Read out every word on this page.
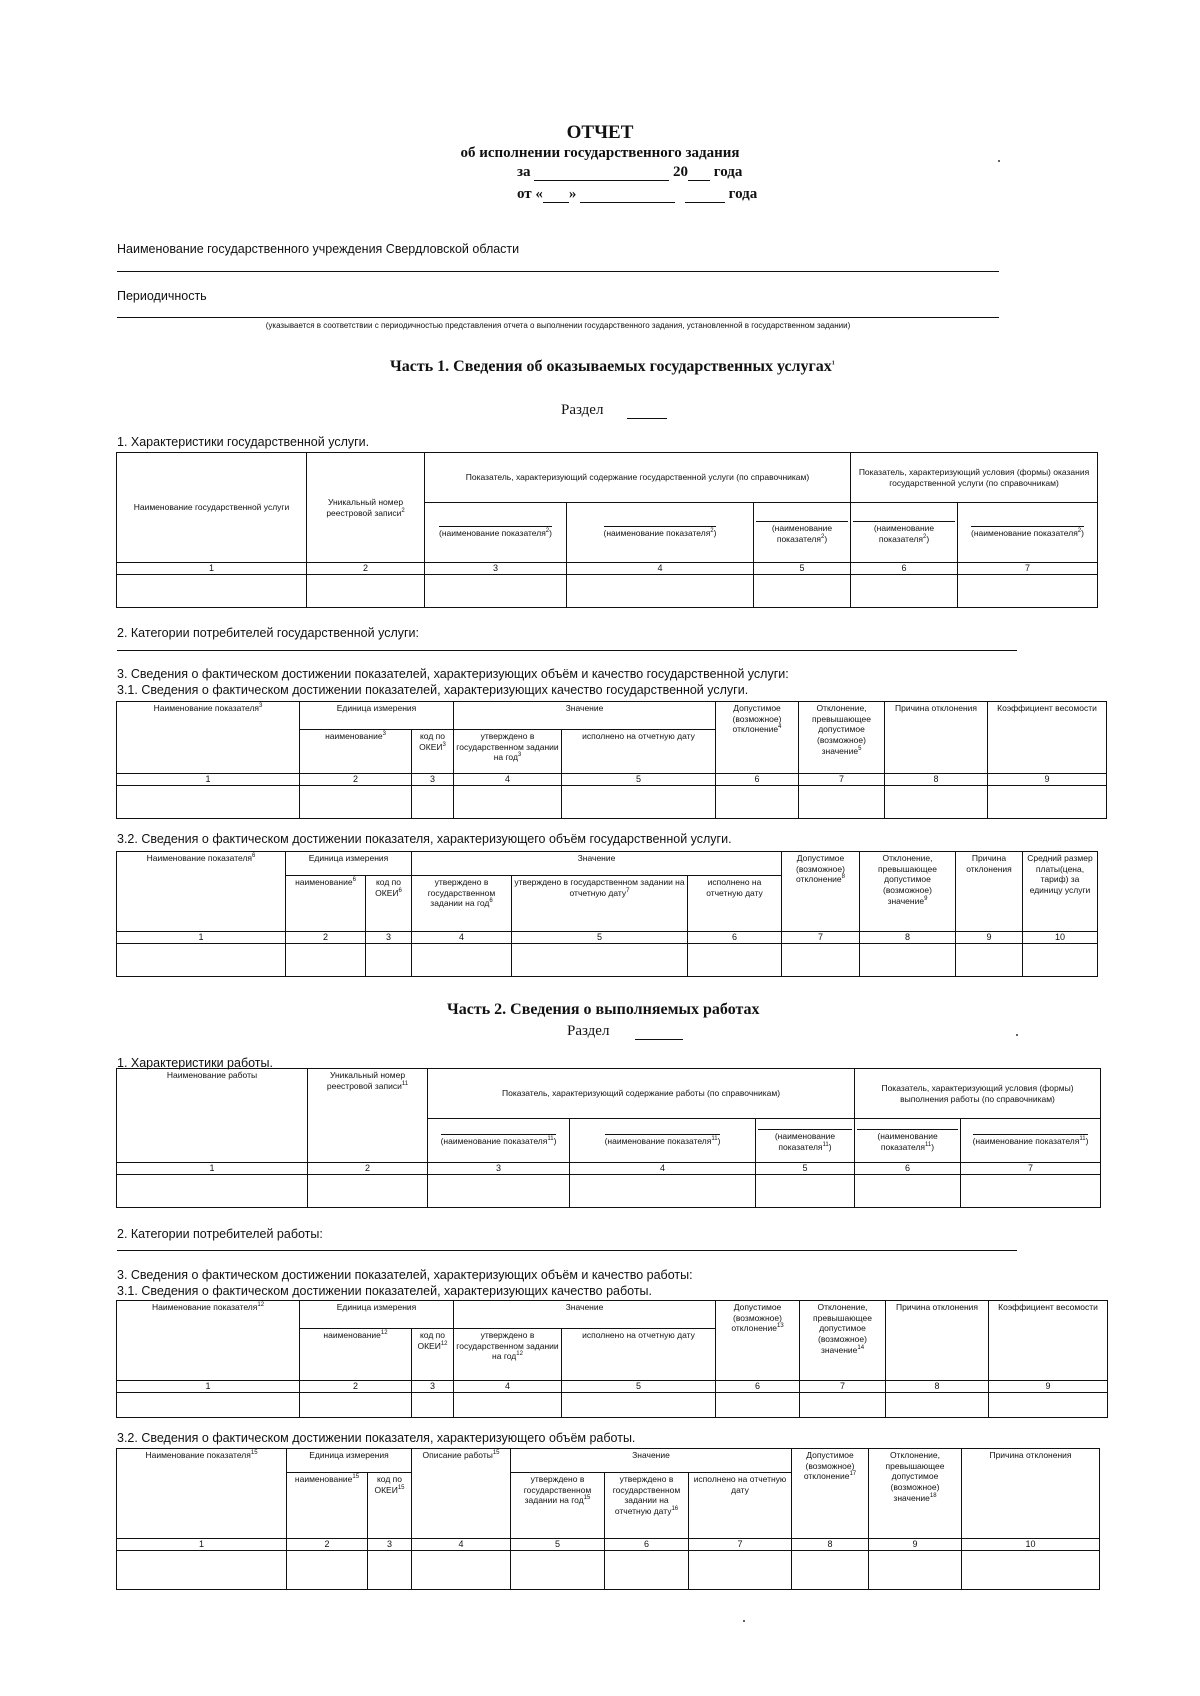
ОТЧЕТ
об исполнении государственного задания
за	20 года
от « »	года
Наименование государственного учреждения Свердловской области
Периодичность
(указывается в соответствии с периодичностью представления отчета о выполнении государственного задания, установленной в государственном задании)
Часть 1. Сведения об оказываемых государственных услугах$^1$
Раздел
1. Характеристики государственной услуги.
Наименование государственной услуги	Уникальный номер реестровой записи$^2$	Показатель, характеризующий содержание государственной услуги (по справочникам)			Показатель, характеризующий условия (формы) оказания государственной услуги (по справочникам)	
		(наименование показателя$^2$)	(наименование показателя$^2$)	(наименование показателя$^2$)	(наименование показателя$^2$)	(наименование показателя$^2$)
1	2	3	4	5	6	7

2. Категории потребителей государственной услуги:
3. Сведения о фактическом достижении показателей, характеризующих объём и качество государственной услуги:
3.1. Сведения о фактическом достижении показателей, характеризующих качество государственной услуги.
Наименование показателя$^3$	Единица измерения		Значение		Допустимое (возможное) отклонение$^4$	Отклонение, превышающее допустимое (возможное) значение$^5$	Причина отклонения	Коэффициент весомости
	наименование$^3$	код по ОКЕИ$^3$	утверждено в государственном задании на год$^3$	исполнено на отчетную дату				
1	2	3	4	5	6	7	8	9

3.2. Сведения о фактическом достижении показателя, характеризующего объём государственной услуги.
Наименование показателя$^6$	Единица измерения		Значение			Допустимое (возможное) отклонение$^8$	Отклонение, превышающее допустимое (возможное) значение$^9$	Причина отклонения	Средний размер платы(цена, тариф) за единицу услуги
	наименование$^6$	код по ОКЕИ$^6$	утверждено в государственном задании на год$^6$	утверждено в государственном задании на отчетную дату$^7$	исполнено на отчетную дату				
1	2	3	4	5	6	7	8	9	10

Часть 2. Сведения о выполняемых работах
Раздел
1. Характеристики работы.
Наименование работы	Уникальный номер реестровой записи$^{11}$	Показатель, характеризующий содержание работы (по справочникам)			Показатель, характеризующий условия (формы) выполнения работы (по справочникам)	
		(наименование показателя$^{11}$)	(наименование показателя$^{11}$)	(наименование показателя$^{11}$)	(наименование показателя$^{11}$)	(наименование показателя$^{11}$)
1	2	3	4	5	6	7

2. Категории потребителей работы:
3. Сведения о фактическом достижении показателей, характеризующих объём и качество работы:
3.1. Сведения о фактическом достижении показателей, характеризующих качество работы.
Наименование показателя$^{12}$	Единица измерения		Значение		Допустимое (возможное) отклонение$^{13}$	Отклонение, превышающее допустимое (возможное) значение$^{14}$	Причина отклонения	Коэффициент весомости
	наименование$^{12}$	код по ОКЕИ$^{12}$	утверждено в государственном задании на год$^{12}$	исполнено на отчетную дату				
1	2	3	4	5	6	7	8	9

3.2. Сведения о фактическом достижении показателя, характеризующего объём работы.
Наименование показателя$^{15}$	Единица измерения		Описание работы$^{15}$	Значение			Допустимое (возможное) отклонение$^{17}$	Отклонение, превышающее допустимое (возможное) значение$^{18}$	Причина отклонения
	наименование$^{15}$	код по ОКЕИ$^{15}$		утверждено в государственном задании на год$^{15}$	утверждено в государственном задании на отчетную дату$^{16}$	исполнено на отчетную дату			
1	2	3	4	5	6	7	8	9	10
